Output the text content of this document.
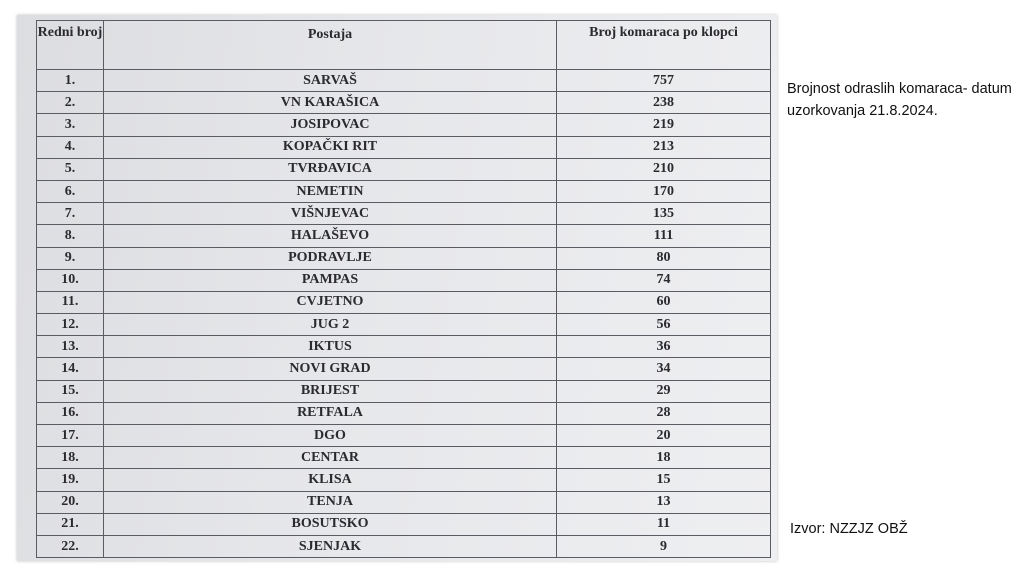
Redni broj	Postaja	Broj komaraca po klopci
1.	SARVAŠ	757
2.	VN KARAŠICA	238
3.	JOSIPOVAC	219
4.	KOPAČKI RIT	213
5.	TVRĐAVICA	210
6.	NEMETIN	170
7.	VIŠNJEVAC	135
8.	HALAŠEVO	111
9.	PODRAVLJE	80
10.	PAMPAS	74
11.	CVJETNO	60
12.	JUG 2	56
13.	IKTUS	36
14.	NOVI GRAD	34
15.	BRIJEST	29
16.	RETFALA	28
17.	DGO	20
18.	CENTAR	18
19.	KLISA	15
20.	TENJA	13
21.	BOSUTSKO	11
22.	SJENJAK	9
Brojnost odraslih komaraca- datum uzorkovanja 21.8.2024.
Izvor: NZZJZ OBŽ
